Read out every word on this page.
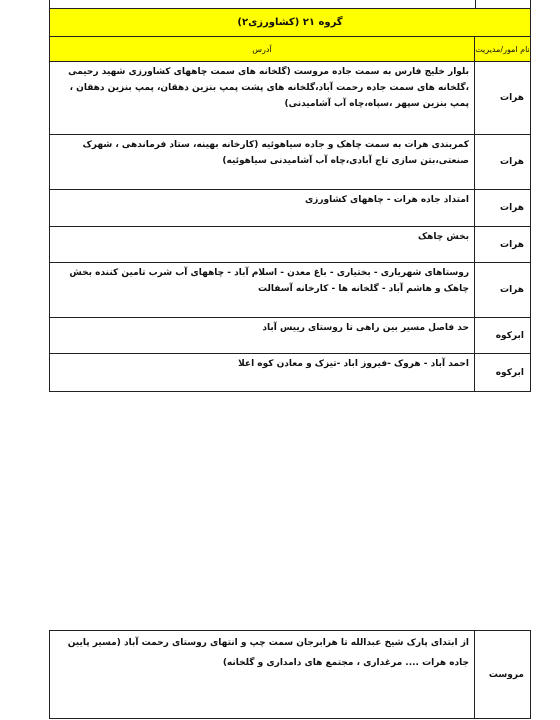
گروه ۲۱ (کشاورزی۲)	
نام امور/مدیریت	آدرس
هرات	بلوار خلیج فارس به سمت جاده مروست (گلخانه های سمت چاههای کشاورزی شهید رحیمی ،گلخانه های سمت جاده رحمت آباد،گلخانه های پشت پمپ بنزین دهقان، پمپ بنزین دهقان ، پمپ بنزین سپهر ،سپاه،چاه آب آشامیدنی)
هرات	کمربندی هرات به سمت چاهک و جاده سیاهوئیه (کارخانه بهینه، ستاد فرماندهی ، شهرک صنعتی،بتن سازی تاج آبادی،چاه آب آشامیدنی سیاهوئیه)
هرات	امتداد جاده هرات - چاههای کشاورزی
هرات	بخش چاهک
هرات	روستاهای شهریاری - بختیاری - باغ معدن - اسلام آباد - چاههای آب شرب تامین کننده بخش چاهک و هاشم آباد - گلخانه ها - کارخانه آسفالت
ابرکوه	حد فاصل مسیر بین راهی تا روستای رییس آباد
ابرکوه	احمد آباد - هروک -فیروز اباد -تیزک و معادن کوه اعلا
مروست	از ابتدای پارک شیخ عبدالله تا هرابرجان سمت چپ و انتهای روستای رحمت آباد (مسیر پایین جاده هرات .... مرغداری ، مجتمع های دامداری و گلخانه)
